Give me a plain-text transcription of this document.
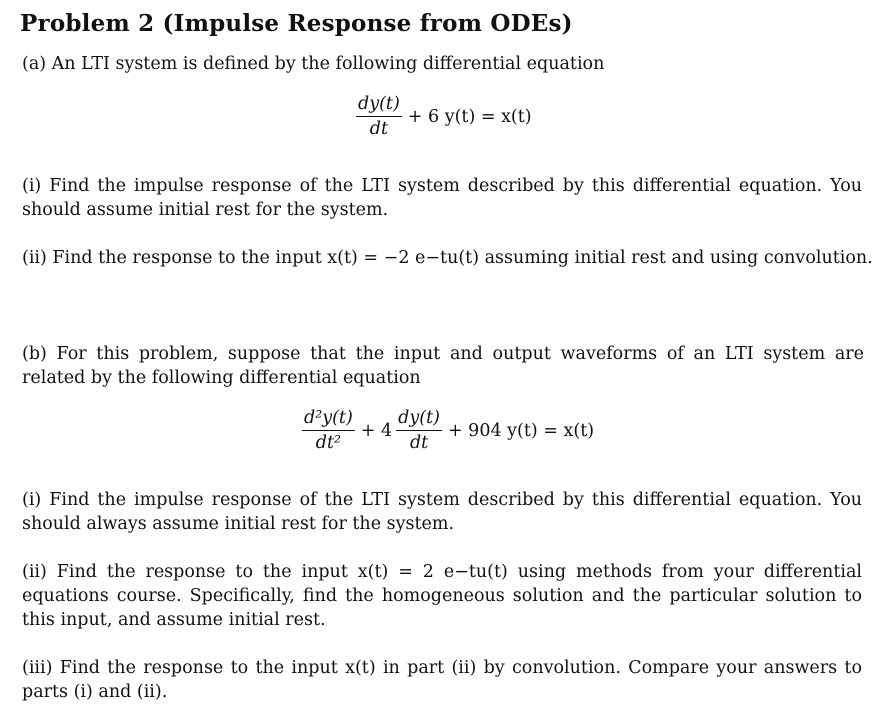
Problem 2 (Impulse Response from ODEs)
(a) An LTI system is defined by the following differential equation
$\frac{dy(t)}{dt} + 6$ y(t) = x(t)
(i) Find the impulse response of the LTI system described by this differential equation. You should assume initial rest for the system.
(ii) Find the response to the input x(t) = −2 e−tu(t) assuming initial rest and using convolution.
(b) For this problem, suppose that the input and output waveforms of an LTI system are related by the following differential equation
$\frac{\text{d²y(t)}}{\text{dt²}} + 4 \frac{dy(t)}{dt} + 904$ y(t) = x(t)
(i) Find the impulse response of the LTI system described by this differential equation. You should always assume initial rest for the system.
(ii) Find the response to the input x(t) = 2 e−tu(t) using methods from your differential equations course. Specifically, find the homogeneous solution and the particular solution to this input, and assume initial rest.
(iii) Find the response to the input x(t) in part (ii) by convolution. Compare your answers to parts (i) and (ii).
